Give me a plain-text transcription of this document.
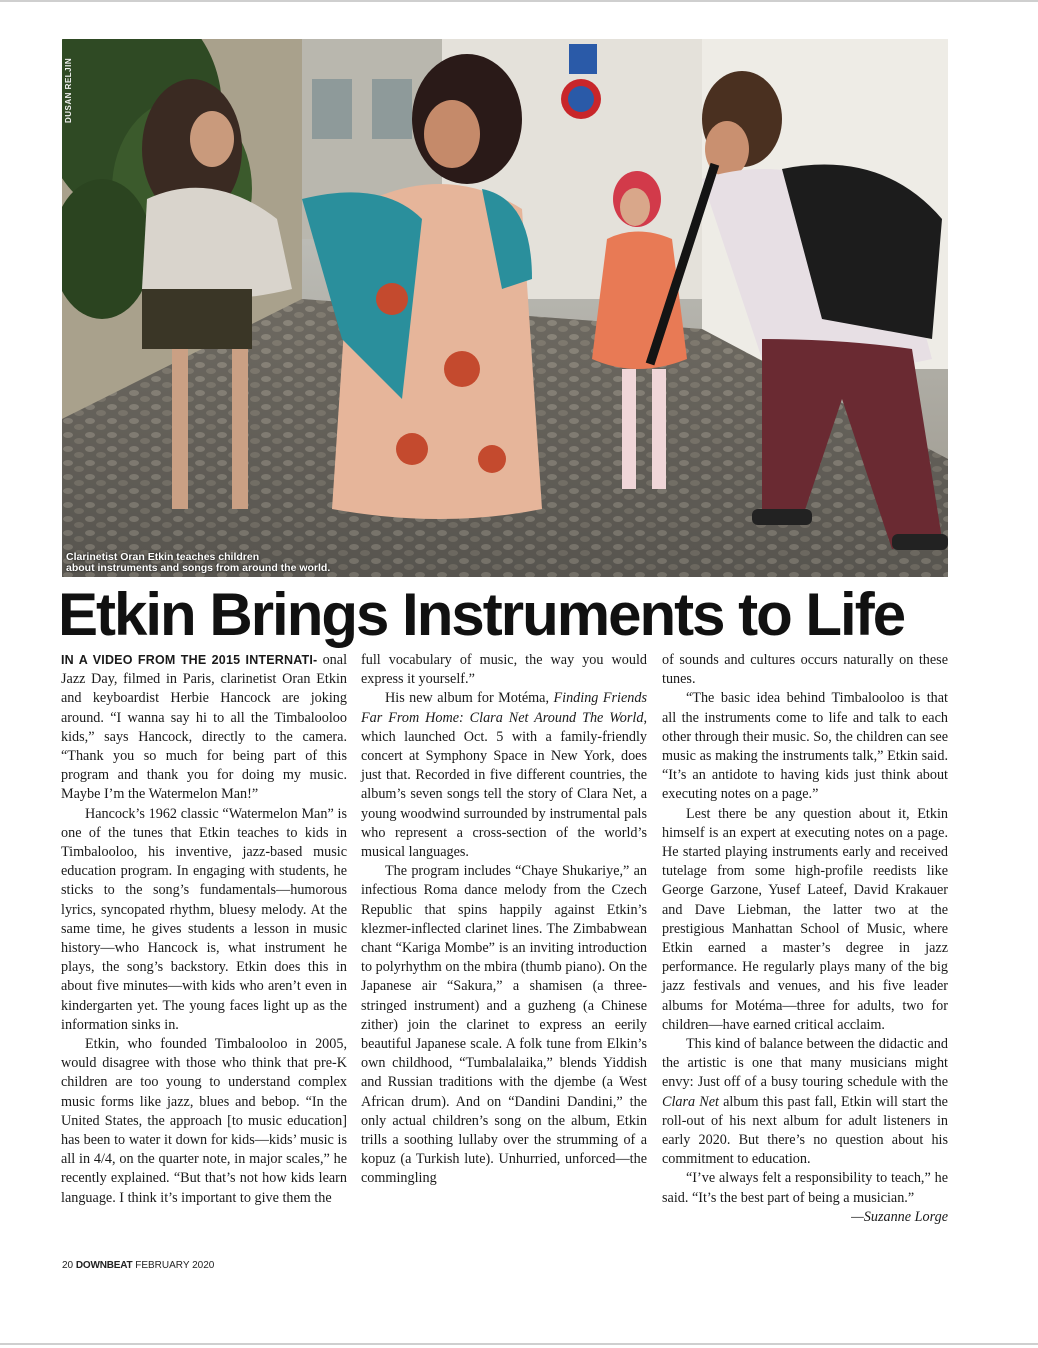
DUSAN RELJIN
Clarinetist Oran Etkin teaches children
about instruments and songs from around the world.
Etkin Brings Instruments to Life

IN A VIDEO FROM THE 2015 INTERNATI- onal Jazz Day, filmed in Paris, clarinetist Oran Etkin and keyboardist Herbie Hancock are joking around. “I wanna say hi to all the Timbalooloo kids,” says Hancock, directly to the camera. “Thank you so much for being part of this program and thank you for doing my music. Maybe I’m the Watermelon Man!”

Hancock’s 1962 classic “Watermelon Man” is one of the tunes that Etkin teaches to kids in Timbalooloo, his inventive, jazz-based music education program. In engaging with students, he sticks to the song’s fundamentals—humorous lyrics, syncopated rhythm, bluesy melody. At the same time, he gives students a lesson in music history—who Hancock is, what instrument he plays, the song’s backstory. Etkin does this in about five minutes—with kids who aren’t even in kindergarten yet. The young faces light up as the information sinks in.

Etkin, who founded Timbalooloo in 2005, would disagree with those who think that pre-K children are too young to understand complex music forms like jazz, blues and bebop. “In the United States, the approach [to music education] has been to water it down for kids—kids’ music is all in 4/4, on the quarter note, in major scales,” he recently explained. “But that’s not how kids learn language. I think it’s important to give them the

full vocabulary of music, the way you would express it yourself.”

His new album for Motéma, Finding Friends Far From Home: Clara Net Around The World, which launched Oct. 5 with a family-friendly concert at Symphony Space in New York, does just that. Recorded in five different countries, the album’s seven songs tell the story of Clara Net, a young woodwind surrounded by instrumental pals who represent a cross-section of the world’s musical languages.

The program includes “Chaye Shukariye,” an infectious Roma dance melody from the Czech Republic that spins happily against Etkin’s klezmer-inflected clarinet lines. The Zimbabwean chant “Kariga Mombe” is an inviting introduction to polyrhythm on the mbira (thumb piano). On the Japanese air “Sakura,” a shamisen (a three-stringed instrument) and a guzheng (a Chinese zither) join the clarinet to express an eerily beautiful Japanese scale. A folk tune from Elkin’s own childhood, “Tumbalalaika,” blends Yiddish and Russian traditions with the djembe (a West African drum). And on “Dandini Dandini,” the only actual children’s song on the album, Etkin trills a soothing lullaby over the strumming of a kopuz (a Turkish lute). Unhurried, unforced—the commingling

of sounds and cultures occurs naturally on these tunes.

“The basic idea behind Timbalooloo is that all the instruments come to life and talk to each other through their music. So, the children can see music as making the instruments talk,” Etkin said. “It’s an antidote to having kids just think about executing notes on a page.”

Lest there be any question about it, Etkin himself is an expert at executing notes on a page. He started playing instruments early and received tutelage from some high-profile reedists like George Garzone, Yusef Lateef, David Krakauer and Dave Liebman, the latter two at the prestigious Manhattan School of Music, where Etkin earned a master’s degree in jazz performance. He regularly plays many of the big jazz festivals and venues, and his five leader albums for Motéma—three for adults, two for children—have earned critical acclaim.

This kind of balance between the didactic and the artistic is one that many musicians might envy: Just off of a busy touring schedule with the Clara Net album this past fall, Etkin will start the roll-out of his next album for adult listeners in early 2020. But there’s no question about his commitment to education.

“I’ve always felt a responsibility to teach,” he said. “It’s the best part of being a musician.”

—Suzanne Lorge

20 DOWNBEAT FEBRUARY 2020
